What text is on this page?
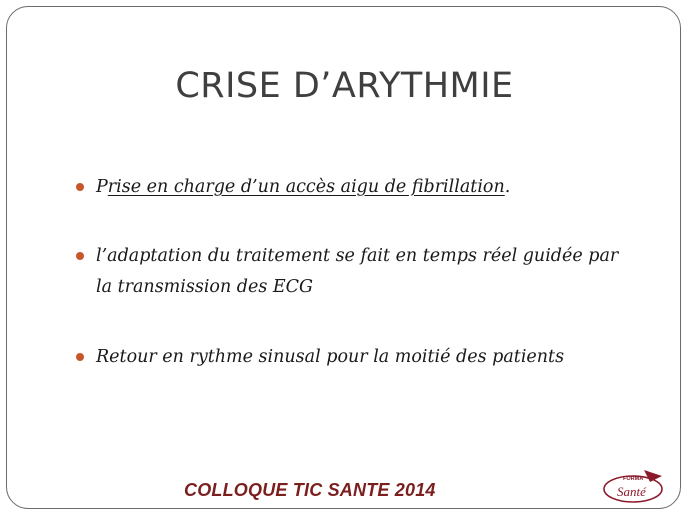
CRISE D’ARYTHMIE
Prise en charge d’un accès aigu de fibrillation.
l’adaptation du traitement se fait en temps réel guidée par la transmission des ECG
Retour en rythme sinusal pour la moitié des patients
COLLOQUE TIC SANTE 2014
FORMA
Santé
